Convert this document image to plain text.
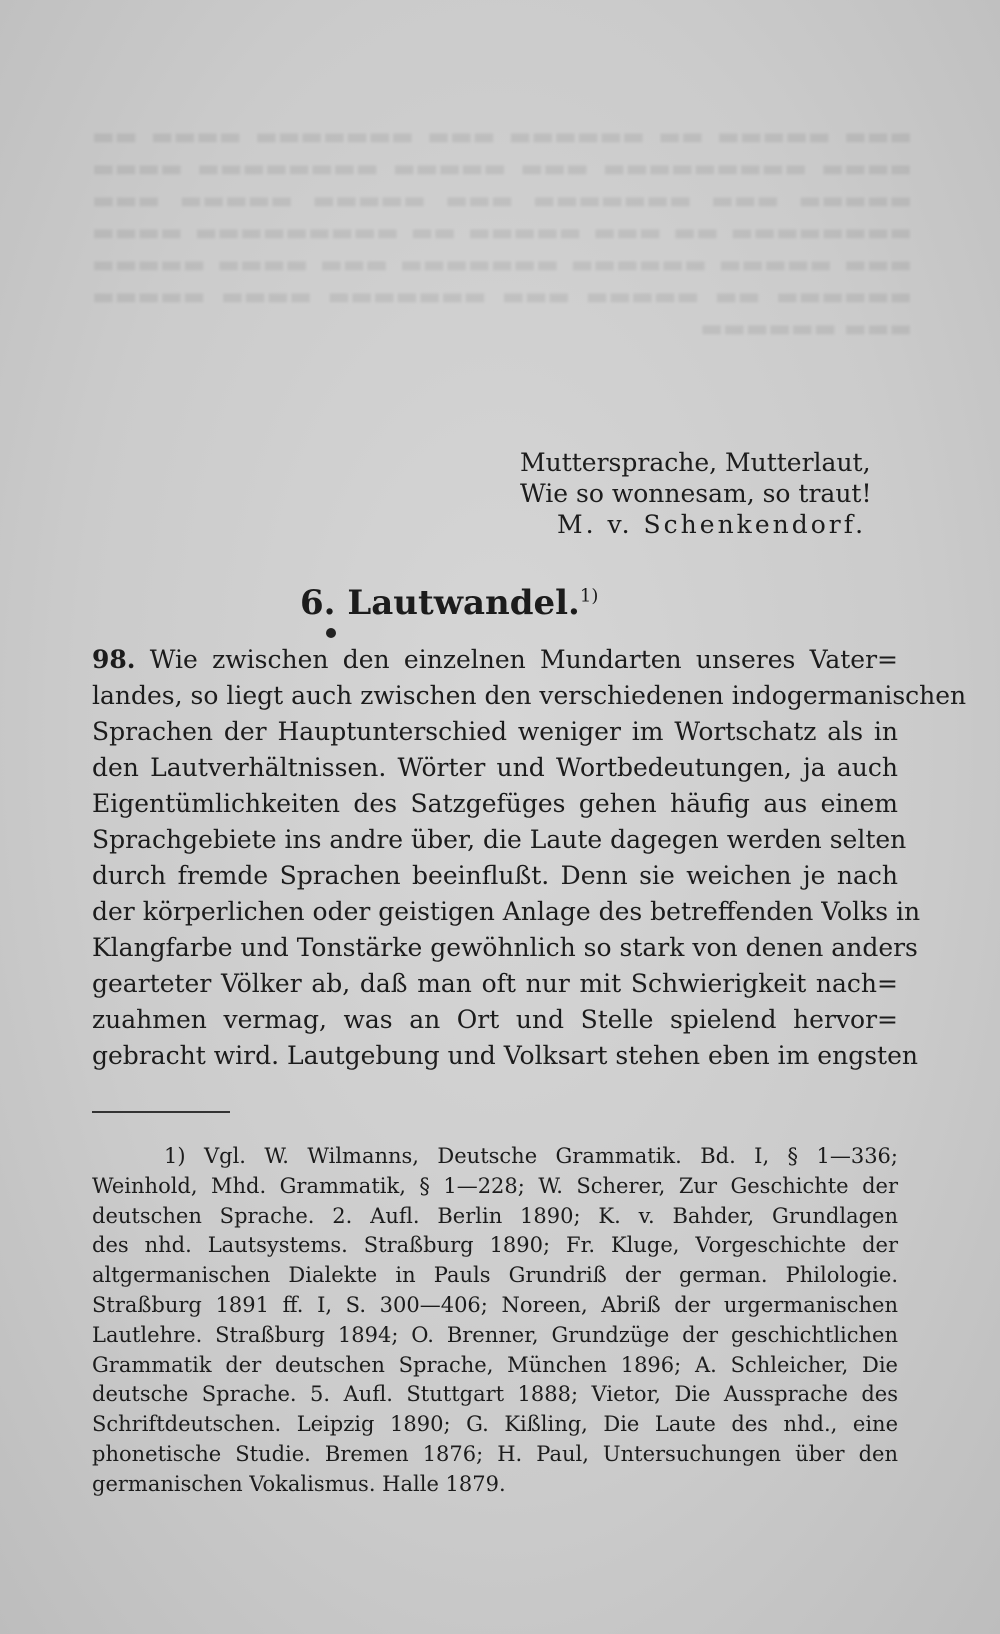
▬▬▬ ▬▬▬▬▬ ▬▬ ▬▬▬▬▬▬ ▬▬▬ ▬▬▬▬▬▬▬ ▬▬▬▬ ▬▬ ▬▬▬▬ ▬▬▬▬▬▬▬▬▬ ▬▬▬ ▬▬▬▬▬ ▬▬▬▬▬▬▬▬ ▬▬▬▬ ▬▬▬▬▬ ▬▬▬ ▬▬▬▬▬▬▬ ▬▬▬ ▬▬▬▬▬ ▬▬▬▬▬ ▬▬▬ ▬▬▬▬▬▬▬▬ ▬▬ ▬▬▬ ▬▬▬▬▬ ▬▬ ▬▬▬▬▬▬▬▬▬ ▬▬▬▬ ▬▬▬ ▬▬▬▬▬ ▬▬▬▬▬▬ ▬▬▬▬▬▬▬ ▬▬▬ ▬▬▬▬ ▬▬▬▬▬ ▬▬▬▬▬▬ ▬▬ ▬▬▬▬▬ ▬▬▬ ▬▬▬▬▬▬▬ ▬▬▬▬ ▬▬▬▬▬ ▬▬▬ ▬▬▬▬▬▬
Muttersprache, Mutterlaut,
Wie so wonnesam, so traut!
M. v. Schenkendorf.
6. Lautwandel.$^{1)}$
98. Wie zwischen den einzelnen Mundarten unseres Vater=
landes, so liegt auch zwischen den verschiedenen indogermanischen
Sprachen der Hauptunterschied weniger im Wortschatz als in
den Lautverhältnissen. Wörter und Wortbedeutungen, ja auch
Eigentümlichkeiten des Satzgefüges gehen häufig aus einem
Sprachgebiete ins andre über, die Laute dagegen werden selten
durch fremde Sprachen beeinflußt. Denn sie weichen je nach
der körperlichen oder geistigen Anlage des betreffenden Volks in
Klangfarbe und Tonstärke gewöhnlich so stark von denen anders
gearteter Völker ab, daß man oft nur mit Schwierigkeit nach=
zuahmen vermag, was an Ort und Stelle spielend hervor=
gebracht wird. Lautgebung und Volksart stehen eben im engsten
1) Vgl. W. Wilmanns, Deutsche Grammatik. Bd. I, § 1—336;
Weinhold, Mhd. Grammatik, § 1—228; W. Scherer, Zur Geschichte der
deutschen Sprache. 2. Aufl. Berlin 1890; K. v. Bahder, Grundlagen
des nhd. Lautsystems. Straßburg 1890; Fr. Kluge, Vorgeschichte der
altgermanischen Dialekte in Pauls Grundriß der german. Philologie.
Straßburg 1891 ff. I, S. 300—406; Noreen, Abriß der urgermanischen
Lautlehre. Straßburg 1894; O. Brenner, Grundzüge der geschichtlichen
Grammatik der deutschen Sprache, München 1896; A. Schleicher, Die
deutsche Sprache. 5. Aufl. Stuttgart 1888; Vietor, Die Aussprache des
Schriftdeutschen. Leipzig 1890; G. Kißling, Die Laute des nhd., eine
phonetische Studie. Bremen 1876; H. Paul, Untersuchungen über den
germanischen Vokalismus. Halle 1879.
